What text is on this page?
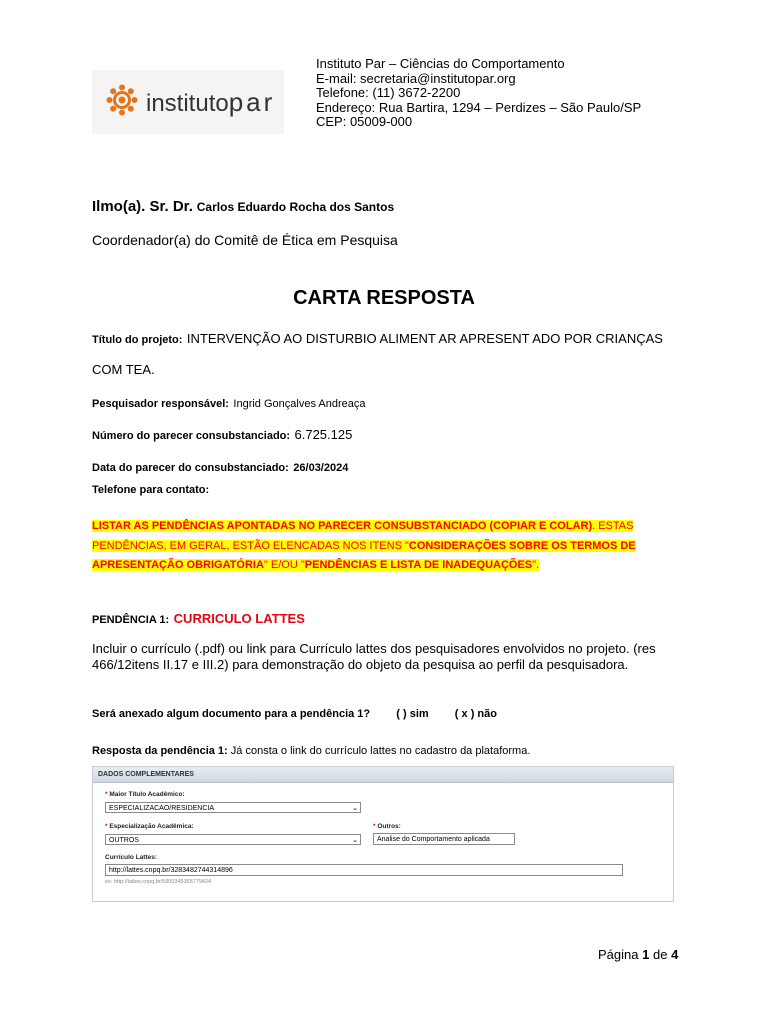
institutopar
Instituto Par – Ciências do Comportamento
E-mail: secretaria@institutopar.org
Telefone: (11) 3672-2200
Endereço: Rua Bartira, 1294 – Perdizes – São Paulo/SP
CEP: 05009-000
Ilmo(a). Sr. Dr. Carlos Eduardo Rocha dos Santos
Coordenador(a) do Comitê de Ética em Pesquisa
CARTA RESPOSTA
Título do projeto: INTERVENÇÃO AO DISTURBIO ALIMENT AR APRESENT ADO POR CRIANÇAS
COM TEA.
Pesquisador responsável: Ingrid Gonçalves Andreaça
Número do parecer consubstanciado: 6.725.125
Data do parecer do consubstanciado: 26/03/2024
Telefone para contato:
LISTAR AS PENDÊNCIAS APONTADAS NO PARECER CONSUBSTANCIADO (COPIAR E COLAR). ESTAS
PENDÊNCIAS, EM GERAL, ESTÃO ELENCADAS NOS ITENS "CONSIDERAÇÕES SOBRE OS TERMOS DE
APRESENTAÇÃO OBRIGATÓRIA" E/OU "PENDÊNCIAS E LISTA DE INADEQUAÇÕES".
PENDÊNCIA 1: CURRICULO LATTES
Incluir o currículo (.pdf) ou link para Currículo lattes dos pesquisadores envolvidos no projeto. (res
466/12itens II.17 e III.2) para demonstração do objeto da pesquisa ao perfil da pesquisadora.
Será anexado algum documento para a pendência 1? ( ) sim ( x ) não
Resposta da pendência 1: Já consta o link do currículo lattes no cadastro da plataforma.
DADOS COMPLEMENTARES
* Maior Título Acadêmico:
ESPECIALIZACAO/RESIDENCIA	⌄
* Especialização Acadêmica:
OUTROS	⌄
* Outros:
Analise do Comportamento aplicada
Currículo Lattes:
http://lattes.cnpq.br/3283482744314896
ex: http://lattes.cnpq.br/5900345365779424
Página 1 de 4
